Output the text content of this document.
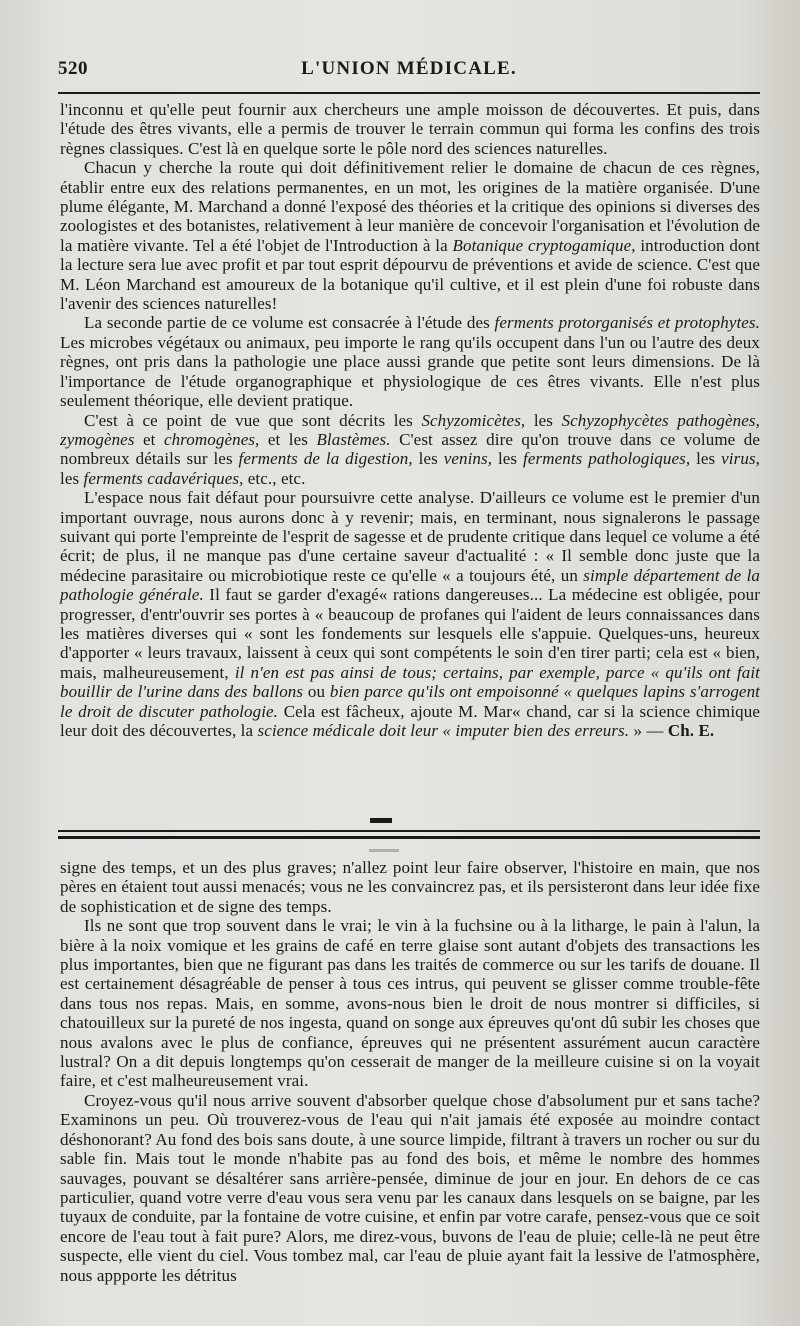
520	L'UNION MÉDICALE.

l'inconnu et qu'elle peut fournir aux chercheurs une ample moisson de découvertes. Et puis, dans l'étude des êtres vivants, elle a permis de trouver le terrain commun qui forma les confins des trois règnes classiques. C'est là en quelque sorte le pôle nord des sciences naturelles.

Chacun y cherche la route qui doit définitivement relier le domaine de chacun de ces règnes, établir entre eux des relations permanentes, en un mot, les origines de la matière organisée. D'une plume élégante, M. Marchand a donné l'exposé des théories et la critique des opinions si diverses des zoologistes et des botanistes, relativement à leur manière de concevoir l'organisation et l'évolution de la matière vivante. Tel a été l'objet de l'Introduction à la Botanique cryptogamique, introduction dont la lecture sera lue avec profit et par tout esprit dépourvu de préventions et avide de science. C'est que M. Léon Marchand est amoureux de la botanique qu'il cultive, et il est plein d'une foi robuste dans l'avenir des sciences naturelles!

La seconde partie de ce volume est consacrée à l'étude des ferments protorganisés et protophytes. Les microbes végétaux ou animaux, peu importe le rang qu'ils occupent dans l'un ou l'autre des deux règnes, ont pris dans la pathologie une place aussi grande que petite sont leurs dimensions. De là l'importance de l'étude organographique et physiologique de ces êtres vivants. Elle n'est plus seulement théorique, elle devient pratique.

C'est à ce point de vue que sont décrits les Schyzomicètes, les Schyzophycètes pathogènes, zymogènes et chromogènes, et les Blastèmes. C'est assez dire qu'on trouve dans ce volume de nombreux détails sur les ferments de la digestion, les venins, les ferments pathologiques, les virus, les ferments cadavériques, etc., etc.

L'espace nous fait défaut pour poursuivre cette analyse. D'ailleurs ce volume est le premier d'un important ouvrage, nous aurons donc à y revenir; mais, en terminant, nous signalerons le passage suivant qui porte l'empreinte de l'esprit de sagesse et de prudente critique dans lequel ce volume a été écrit; de plus, il ne manque pas d'une certaine saveur d'actualité : « Il semble donc juste que la médecine parasitaire ou microbiotique reste ce qu'elle « a toujours été, un simple département de la pathologie générale. Il faut se garder d'exagé« rations dangereuses... La médecine est obligée, pour progresser, d'entr'ouvrir ses portes à « beaucoup de profanes qui l'aident de leurs connaissances dans les matières diverses qui « sont les fondements sur lesquels elle s'appuie. Quelques-uns, heureux d'apporter « leurs travaux, laissent à ceux qui sont compétents le soin d'en tirer parti; cela est « bien, mais, malheureusement, il n'en est pas ainsi de tous; certains, par exemple, parce « qu'ils ont fait bouillir de l'urine dans des ballons ou bien parce qu'ils ont empoisonné « quelques lapins s'arrogent le droit de discuter pathologie. Cela est fâcheux, ajoute M. Mar« chand, car si la science chimique leur doit des découvertes, la science médicale doit leur « imputer bien des erreurs. » — Ch. E.

signe des temps, et un des plus graves; n'allez point leur faire observer, l'histoire en main, que nos pères en étaient tout aussi menacés; vous ne les convaincrez pas, et ils persisteront dans leur idée fixe de sophistication et de signe des temps.

Ils ne sont que trop souvent dans le vrai; le vin à la fuchsine ou à la litharge, le pain à l'alun, la bière à la noix vomique et les grains de café en terre glaise sont autant d'objets des transactions les plus importantes, bien que ne figurant pas dans les traités de commerce ou sur les tarifs de douane. Il est certainement désagréable de penser à tous ces intrus, qui peuvent se glisser comme trouble-fête dans tous nos repas. Mais, en somme, avons-nous bien le droit de nous montrer si difficiles, si chatouilleux sur la pureté de nos ingesta, quand on songe aux épreuves qu'ont dû subir les choses que nous avalons avec le plus de confiance, épreuves qui ne présentent assurément aucun caractère lustral? On a dit depuis longtemps qu'on cesserait de manger de la meilleure cuisine si on la voyait faire, et c'est malheureusement vrai.

Croyez-vous qu'il nous arrive souvent d'absorber quelque chose d'absolument pur et sans tache? Examinons un peu. Où trouverez-vous de l'eau qui n'ait jamais été exposée au moindre contact déshonorant? Au fond des bois sans doute, à une source limpide, filtrant à travers un rocher ou sur du sable fin. Mais tout le monde n'habite pas au fond des bois, et même le nombre des hommes sauvages, pouvant se désaltérer sans arrière-pensée, diminue de jour en jour. En dehors de ce cas particulier, quand votre verre d'eau vous sera venu par les canaux dans lesquels on se baigne, par les tuyaux de conduite, par la fontaine de votre cuisine, et enfin par votre carafe, pensez-vous que ce soit encore de l'eau tout à fait pure? Alors, me direz-vous, buvons de l'eau de pluie; celle-là ne peut être suspecte, elle vient du ciel. Vous tombez mal, car l'eau de pluie ayant fait la lessive de l'atmosphère, nous appporte les détritus
